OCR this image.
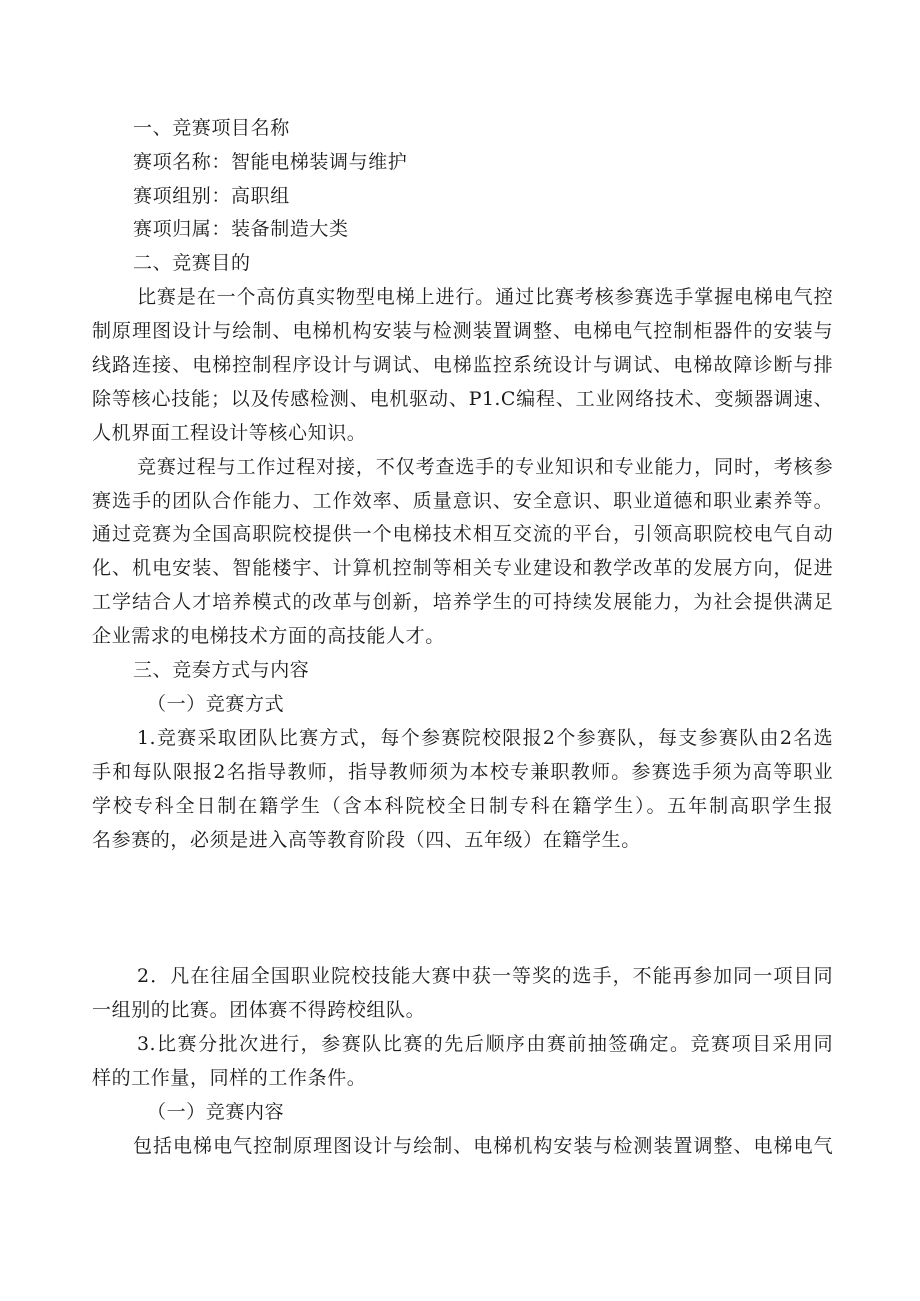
一、竞赛项目名称
赛项名称：智能电梯装调与维护
赛项组别：高职组
赛项归属：装备制造大类
二、竞赛目的
比赛是在一个高仿真实物型电梯上进行。通过比赛考核参赛选手掌握电梯电气控
制原理图设计与绘制、电梯机构安装与检测装置调整、电梯电气控制柜器件的安装与
线路连接、电梯控制程序设计与调试、电梯监控系统设计与调试、电梯故障诊断与排
除等核心技能；以及传感检测、电机驱动、P1.C编程、工业网络技术、变频器调速、
人机界面工程设计等核心知识。
竞赛过程与工作过程对接，不仅考查选手的专业知识和专业能力，同时，考核参
赛选手的团队合作能力、工作效率、质量意识、安全意识、职业道德和职业素养等。
通过竞赛为全国高职院校提供一个电梯技术相互交流的平台，引领高职院校电气自动
化、机电安装、智能楼宇、计算机控制等相关专业建设和教学改革的发展方向，促进
工学结合人才培养模式的改革与创新，培养学生的可持续发展能力，为社会提供满足
企业需求的电梯技术方面的高技能人才。
三、竞奏方式与内容
（一）竞赛方式
1.竞赛采取团队比赛方式，每个参赛院校限报2个参赛队，每支参赛队由2名选
手和每队限报2名指导教师，指导教师须为本校专兼职教师。参赛选手须为高等职业
学校专科全日制在籍学生（含本科院校全日制专科在籍学生）。五年制高职学生报
名参赛的，必须是进入高等教育阶段（四、五年级）在籍学生。
2．凡在往届全国职业院校技能大赛中获一等奖的选手，不能再参加同一项目同
一组别的比赛。团体赛不得跨校组队。
3.比赛分批次进行，参赛队比赛的先后顺序由赛前抽签确定。竞赛项目采用同
样的工作量，同样的工作条件。
（一）竞赛内容
包括电梯电气控制原理图设计与绘制、电梯机构安装与检测装置调整、电梯电气
